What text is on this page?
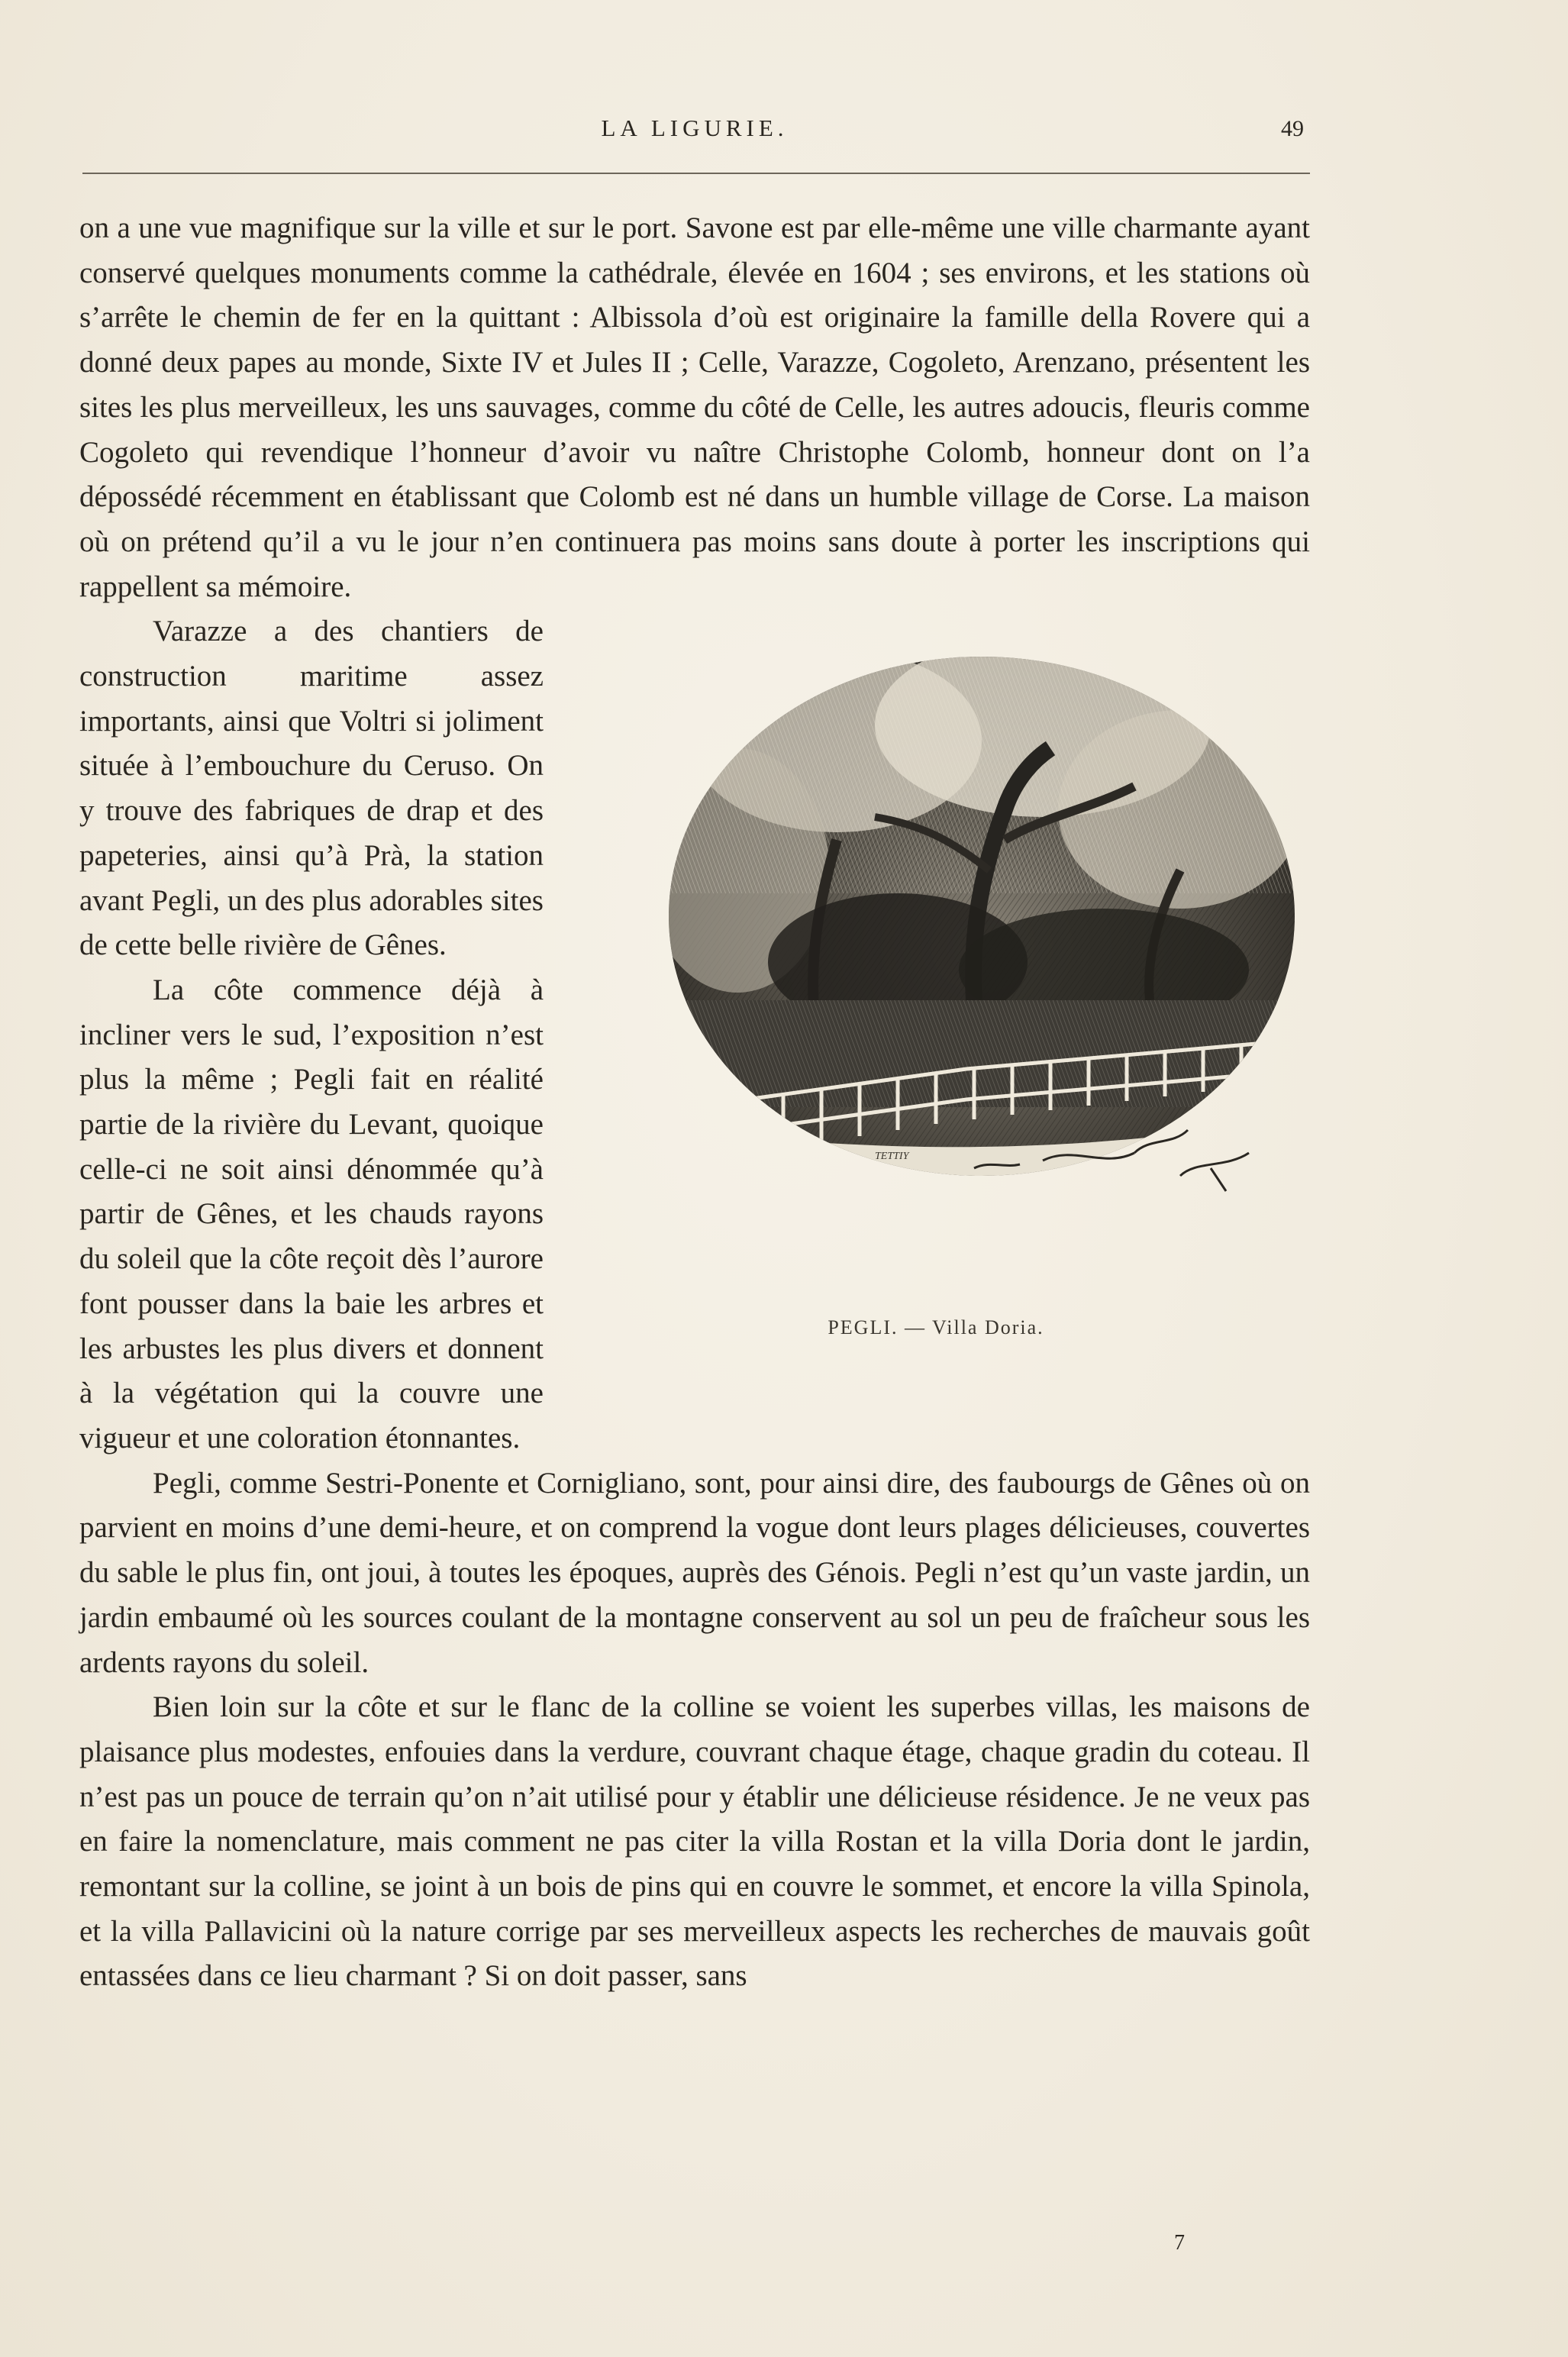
LA LIGURIE.	49

on a une vue magnifique sur la ville et sur le port. Savone est par elle-même une ville charmante ayant conservé quelques monuments comme la cathédrale, élevée en 1604 ; ses environs, et les stations où s’arrête le chemin de fer en la quittant : Albissola d’où est originaire la famille della Rovere qui a donné deux papes au monde, Sixte IV et Jules II ; Celle, Varazze, Cogoleto, Arenzano, présentent les sites les plus merveilleux, les uns sauvages, comme du côté de Celle, les autres adoucis, fleuris comme Cogoleto qui revendique l’honneur d’avoir vu naître Christophe Colomb, honneur dont on l’a dépossédé récemment en établissant que Colomb est né dans un humble village de Corse. La maison où on prétend qu’il a vu le jour n’en continuera pas moins sans doute à porter les inscriptions qui rappellent sa mémoire.

TETTIY
PEGLI. — Villa Doria.

Varazze a des chantiers de construction maritime assez importants, ainsi que Voltri si joliment située à l’embouchure du Ceruso. On y trouve des fabriques de drap et des papeteries, ainsi qu’à Prà, la station avant Pegli, un des plus adorables sites de cette belle rivière de Gênes.

La côte commence déjà à incliner vers le sud, l’exposition n’est plus la même ; Pegli fait en réalité partie de la rivière du Levant, quoique celle-ci ne soit ainsi dénommée qu’à partir de Gênes, et les chauds rayons du soleil que la côte reçoit dès l’aurore font pousser dans la baie les arbres et les arbustes les plus divers et donnent à la végétation qui la couvre une vigueur et une coloration étonnantes.

Pegli, comme Sestri-Ponente et Cornigliano, sont, pour ainsi dire, des faubourgs de Gênes où on parvient en moins d’une demi-heure, et on comprend la vogue dont leurs plages délicieuses, couvertes du sable le plus fin, ont joui, à toutes les époques, auprès des Génois. Pegli n’est qu’un vaste jardin, un jardin embaumé où les sources coulant de la montagne conservent au sol un peu de fraîcheur sous les ardents rayons du soleil.

Bien loin sur la côte et sur le flanc de la colline se voient les superbes villas, les maisons de plaisance plus modestes, enfouies dans la verdure, couvrant chaque étage, chaque gradin du coteau. Il n’est pas un pouce de terrain qu’on n’ait utilisé pour y établir une délicieuse résidence. Je ne veux pas en faire la nomenclature, mais comment ne pas citer la villa Rostan et la villa Doria dont le jardin, remontant sur la colline, se joint à un bois de pins qui en couvre le sommet, et encore la villa Spinola, et la villa Pallavicini où la nature corrige par ses merveilleux aspects les recherches de mauvais goût entassées dans ce lieu charmant ? Si on doit passer, sans

7
